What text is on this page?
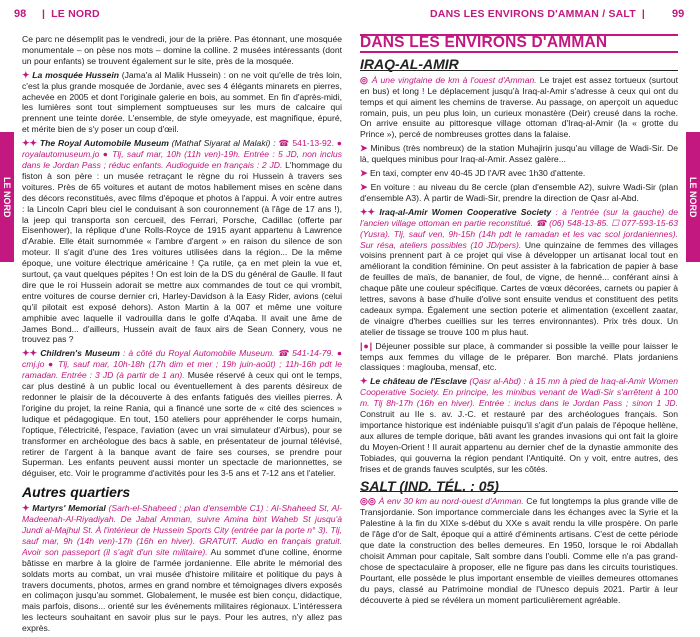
98	| LE NORD	DANS LES ENVIRONS D'AMMAN / SALT |	99
LE NORD	LE NORD

Ce parc ne désemplit pas le vendredi, jour de la prière. Pas étonnant, une mosquée monumentale – on pèse nos mots – domine la colline. 2 musées intéressants (dont un pour enfants) se trouvent également sur le site, près de la mosquée.

✦ La mosquée Hussein (Jama'a al Malik Hussein) : on ne voit qu'elle de très loin, c'est la plus grande mosquée de Jordanie, avec ses 4 élégants minarets en pierres, achevée en 2005 et dont l'originale galerie en bois, au sommet. En fin d'après-midi, les lumières sont tout simplement somptueuses sur les murs de calcaire qui prennent une teinte dorée. L'ensemble, de style omeyyade, est magnifique, épuré, et mérite bien de s'y poser un coup d'œil.

✦✦ The Royal Automobile Museum (Mathaf Siyarat al Malaki) : ☎ 541-13-92. ● royalautomuseum.jo ● Tlj, sauf mar, 10h (11h ven)-19h. Entrée : 5 JD, non inclus dans le Jordan Pass ; réduc enfants. Audioguide en français : 2 JD. L'hommage du fiston à son père : un musée retraçant le règne du roi Hussein à travers ses voitures. Près de 65 voitures et autant de motos habilement mises en scène dans des décors reconstitués, avec films d'époque et photos à l'appui. À voir entre autres : la Lincoln Capri bleu ciel le conduisant à son couronnement (à l'âge de 17 ans !), la jeep qui transporta son cercueil, des Ferrari, Porsche, Cadillac (offerte par Eisenhower), la réplique d'une Rolls-Royce de 1915 ayant appartenu à Lawrence d'Arabie. Elle était surnommée « l'ambre d'argent » en raison du silence de son moteur. Il s'agit d'une des 1res voitures utilisées dans la région... De la même époque, une voiture électrique américaine ! Ça rutile, ça en met plein la vue et, surtout, ça vaut quelques pépites ! On est loin de la DS du général de Gaulle. Il faut dire que le roi Hussein adorait se mettre aux commandes de tout ce qui vrombit, entre voitures de course dernier cri, Harley-Davidson à la Easy Rider, avions (celui qu'il pilotait est exposé dehors). Aston Martin à la 007 et même une voiture amphibie avec laquelle il vadrouilla dans le golfe d'Aqaba. Il avait une âme de James Bond... d'ailleurs, Hussein avait de faux airs de Sean Connery, vous ne trouvez pas ?

✦✦ Children's Museum : à côté du Royal Automobile Museum. ☎ 541-14-79. ● cmj.jo ● Tlj, sauf mar, 10h-18h (17h dim et mer ; 19h juin-août) ; 11h-16h pdt le ramadan. Entrée : 3 JD (à partir de 1 an). Musée réservé à ceux qui ont le temps, car plus destiné à un public local ou éventuellement à des parents désireux de redonner le plaisir de la découverte à des enfants fatigués des vieilles pierres. À l'origine du projet, la reine Rania, qui a financé une sorte de « cité des sciences » ludique et pédagogique. En tout, 150 ateliers pour appréhender le corps humain, l'optique, l'électricité, l'espace, l'aviation (avec un vrai simulateur d'Airbus), pour se transformer en archéologue des bacs à sable, en présentateur de journal télévisé, retirer de l'argent à la banque avant de faire ses courses, se prendre pour Superman. Les enfants peuvent aussi monter un spectacle de marionnettes, se déguiser, etc. Voir le programme d'activités pour les 3-5 ans et 7-12 ans et l'atelier.

Autres quartiers

✦ Martyrs' Memorial (Sarh-el-Shaheed ; plan d'ensemble C1) : Al-Shaheed St, Al-Madeenah-Al-Riyadiyah. De Jabal Amman, suivre Amina bint Waheb St jusqu'à Jundi al-Majhul St. À l'intérieur de Hussein Sports City (entrée par la porte n° 3). Tlj, sauf mar, 9h (14h ven)-17h (16h en hiver). GRATUIT. Audio en français gratuit. Avoir son passeport (il s'agit d'un site militaire). Au sommet d'une colline, énorme bâtisse en marbre à la gloire de l'armée jordanienne. Elle abrite le mémorial des soldats morts au combat, un vrai musée d'histoire militaire et politique du pays à travers documents, photos, armes en grand nombre et témoignages divers exposés en colimaçon jusqu'au sommet. Globalement, le musée est bien conçu, didactique, mais parfois, disons... orienté sur les événements militaires régionaux. L'intéressera les lecteurs souhaitant en savoir plus sur le pays. Pour les autres, n'y allez pas exprès.

DANS LES ENVIRONS D'AMMAN
IRAQ-AL-AMIR

◎ À une vingtaine de km à l'ouest d'Amman. Le trajet est assez tortueux (surtout en bus) et long ! Le déplacement jusqu'à Iraq-al-Amir s'adresse à ceux qui ont du temps et qui aiment les chemins de traverse. Au passage, on aperçoit un aqueduc romain, puis, un peu plus loin, un curieux monastère (Deir) creusé dans la roche. On arrive ensuite au pittoresque village ottoman d'Iraq-al-Amir (la « grotte du Prince »), percé de nombreuses grottes dans la falaise.

➤ Minibus (très nombreux) de la station Muhajirin jusqu'au village de Wadi-Sir. De là, quelques minibus pour Iraq-al-Amir. Assez galère...

➤ En taxi, compter env 40-45 JD l'A/R avec 1h30 d'attente.

➤ En voiture : au niveau du 8e cercle (plan d'ensemble A2), suivre Wadi-Sir (plan d'ensemble A3). À partir de Wadi-Sir, prendre la direction de Qasr al-Abd.

✦✦ Iraq-al-Amir Women Cooperative Society : à l'entrée (sur la gauche) de l'ancien village ottoman en partie reconstitué. ☎ (06) 548-13-85. ☐ 077-593-15-63 (Yusra). Tlj, sauf ven, 9h-15h (14h pdt le ramadan et les vac scol jordaniennes). Sur résa, ateliers possibles (10 JD/pers). Une quinzaine de femmes des villages voisins prennent part à ce projet qui vise à développer un artisanat local tout en améliorant la condition féminine. On peut assister à la fabrication de papier à base de feuilles de maïs, de bananier, de foul, de vigne, de henné... conférant ainsi à chaque pâte une couleur spécifique. Cartes de vœux décorées, carnets ou papier à lettres, savons à base d'huile d'olive sont ensuite vendus et constituent des petits cadeaux sympa. Également une section poterie et alimentation (excellent zaatar, de vinaigre d'herbes cueillies sur les terres environnantes). Prix très doux. Un atelier de tissage se trouve 100 m plus haut.

|●| Déjeuner possible sur place, à commander si possible la veille pour laisser le temps aux femmes du village de le préparer. Bon marché. Plats jordaniens classiques : maglouba, mensaf, etc.

✦ Le château de l'Esclave (Qasr al-Abd) : à 15 mn à pied de Iraq-al-Amir Women Cooperative Society. En principe, les minibus venant de Wadi-Sir s'arrêtent à 100 m. Tlj 8h-17h (16h en hiver). Entrée : inclus dans le Jordan Pass ; sinon 1 JD. Construit au IIe s. av. J.-C. et restauré par des archéologues français. Son importance historique est indéniable puisqu'il s'agit d'un palais de l'époque hellène, aux allures de temple dorique, bâti avant les grandes invasions qui ont fait la gloire du Moyen-Orient ! Il aurait appartenu au dernier chef de la dynastie ammonite des Tobiades, qui gouverna la région pendant l'Antiquité. On y voit, entre autres, des frises et de grands fauves sculptés, sur les côtés.

SALT (IND. TÉL. : 05)

◎◎ À env 30 km au nord-ouest d'Amman. Ce fut longtemps la plus grande ville de Transjordanie. Son importance commerciale dans les échanges avec la Syrie et la Palestine à la fin du XIXe s-début du XXe s avait rendu la ville prospère. On parle de l'âge d'or de Salt, époque qui a attiré d'éminents artisans. C'est de cette période que date la construction des belles demeures. En 1950, lorsque le roi Abdallah choisit Amman pour capitale, Salt sombre dans l'oubli. Comme elle n'a pas grand-chose de spectaculaire à proposer, elle ne figure pas dans les circuits touristiques. Pourtant, elle possède le plus important ensemble de vieilles demeures ottomanes du pays, classé au Patrimoine mondial de l'Unesco depuis 2021. Partir à leur découverte à pied se révélera un moment particulièrement agréable.
